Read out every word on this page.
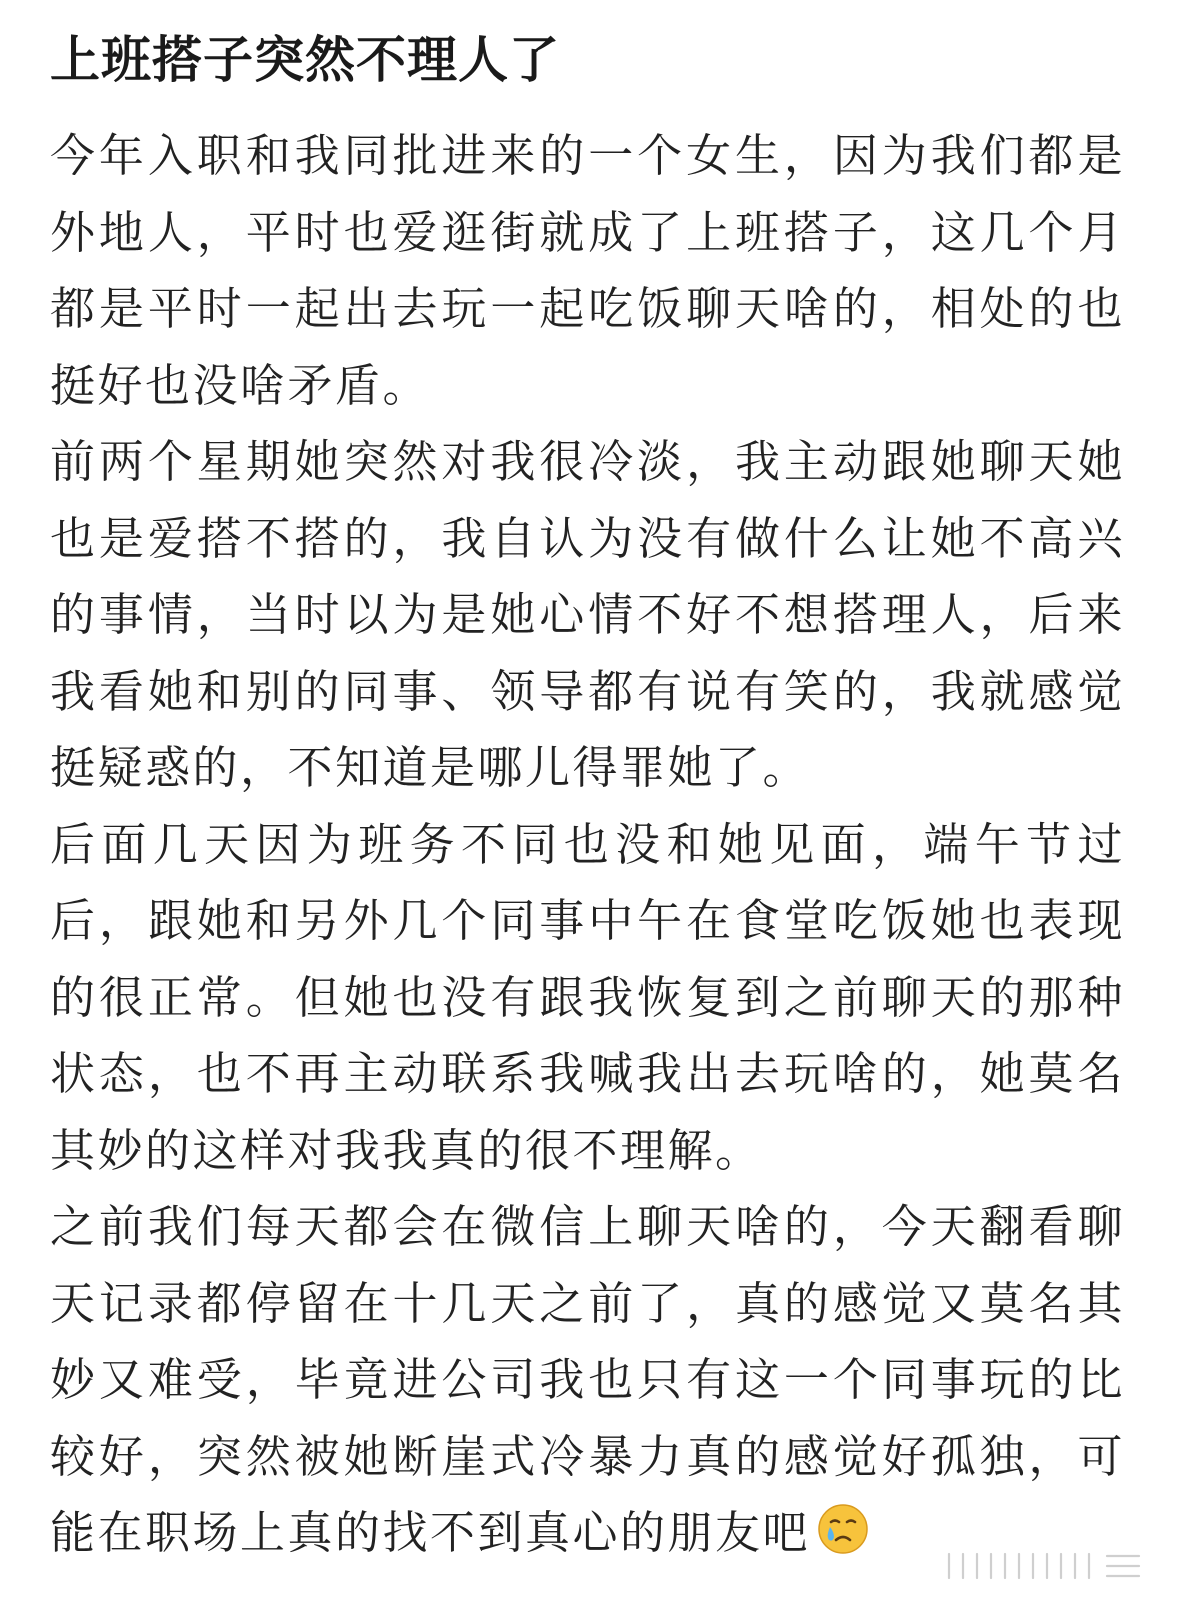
上班搭子突然不理人了

今年入职和我同批进来的一个女生，因为我们都是外地人，平时也爱逛街就成了上班搭子，这几个月都是平时一起出去玩一起吃饭聊天啥的，相处的也挺好也没啥矛盾。

前两个星期她突然对我很冷淡，我主动跟她聊天她也是爱搭不搭的，我自认为没有做什么让她不高兴的事情，当时以为是她心情不好不想搭理人，后来我看她和别的同事、领导都有说有笑的，我就感觉挺疑惑的，不知道是哪儿得罪她了。

后面几天因为班务不同也没和她见面，端午节过后，跟她和另外几个同事中午在食堂吃饭她也表现的很正常。但她也没有跟我恢复到之前聊天的那种状态，也不再主动联系我喊我出去玩啥的，她莫名其妙的这样对我我真的很不理解。

之前我们每天都会在微信上聊天啥的，今天翻看聊天记录都停留在十几天之前了，真的感觉又莫名其妙又难受，毕竟进公司我也只有这一个同事玩的比较好，突然被她断崖式冷暴力真的感觉好孤独，可能在职场上真的找不到真心的朋友吧
